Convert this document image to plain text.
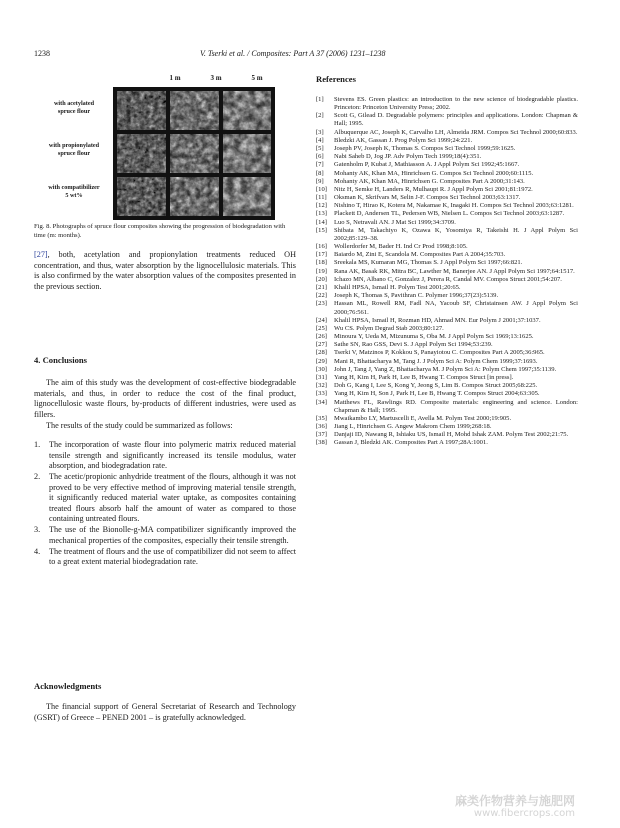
1238	V. Tserki et al. / Composites: Part A 37 (2006) 1231–1238
1 m	3 m	5 m
with acetylated
spruce flour
with propionylated
spruce flour
with compatibilizer
5 wt%
Fig. 8. Photographs of spruce flour composites showing the progression of biodegradation with time (m: months).

[27], both, acetylation and propionylation treatments reduced OH concentration, and thus, water absorption by the lignocellulosic materials. This is also confirmed by the water absorption values of the composites presented in the previous section.

4. Conclusions

The aim of this study was the development of cost-effective biodegradable materials, and thus, in order to reduce the cost of the final product, lignocellulosic waste flours, by-products of different industries, were used as fillers.

The results of the study could be summarized as follows:

1. The incorporation of waste flour into polymeric matrix reduced material tensile strength and significantly increased its tensile modulus, water absorption, and biodegradation rate.
2. The acetic/propionic anhydride treatment of the flours, although it was not proved to be very effective method of improving material tensile strength, it significantly reduced material water uptake, as composites containing treated flours absorb half the amount of water as compared to those containing untreated flours.
3. The use of the Bionolle-g-MA compatibilizer significantly improved the mechanical properties of the composites, especially their tensile strength.
4. The treatment of flours and the use of compatibilizer did not seem to affect to a great extent material biodegradation rate.
Acknowledgments

The financial support of General Secretariat of Research and Technology (GSRT) of Greece – PENED 2001 – is gratefully acknowledged.

References
[1] Stevens ES. Green plastics: an introduction to the new science of biodegradable plastics. Princeton: Princeton University Press; 2002.
[2] Scott G, Gilead D. Degradable polymers: principles and applications. London: Chapman & Hall; 1995.
[3] Albuquerque AC, Joseph K, Carvalho LH, Almeida JRM. Compos Sci Technol 2000;60:833.
[4] Bledzki AK, Gassan J. Prog Polym Sci 1999;24:221.
[5] Joseph PV, Joseph K, Thomas S. Compos Sci Technol 1999;59:1625.
[6] Nabi Saheb D, Jog JP. Adv Polym Tech 1999;18(4):351.
[7] Gatenholm P, Kubat J, Mathiasson A. J Appl Polym Sci 1992;45:1667.
[8] Mohanty AK, Khan MA, Hinrichsen G. Compos Sci Technol 2000;60:1115.
[9] Mohanty AK, Khan MA, Hinrichsen G. Composites Part A 2000;31:143.
[10] Nitz H, Semke H, Landers R, Mulhaupt R. J Appl Polym Sci 2001;81:1972.
[11] Oksman K, Skrifvars M, Selin J-F. Compos Sci Technol 2003;63:1317.
[12] Nishino T, Hirao K, Kotera M, Nakamae K, Inagaki H. Compos Sci Technol 2003;63:1281.
[13] Plackett D, Andersen TL, Pedersen WB, Nielsen L. Compos Sci Technol 2003;63:1287.
[14] Luo S, Netravali AN. J Mat Sci 1999;34:3709.
[15] Shibata M, Takachiyo K, Ozawa K, Yosomiya R, Takeishi H. J Appl Polym Sci 2002;85:129–38.
[16] Wollerdorfer M, Bader H. Ind Cr Prod 1998;8:105.
[17] Baiardo M, Zini E, Scandola M. Composites Part A 2004;35:703.
[18] Sreekala MS, Kumaran MG, Thomas S. J Appl Polym Sci 1997;66:821.
[19] Rana AK, Basak RK, Mitra BC, Lawther M, Banerjee AN. J Appl Polym Sci 1997;64:1517.
[20] Ichazo MN, Albano C, Gonzalez J, Perera R, Candal MV. Compos Struct 2001;54:207.
[21] Khalil HPSA, Ismail H. Polym Test 2001;20:65.
[22] Joseph K, Thomas S, Pavithran C. Polymer 1996;37(23):5139.
[23] Hassan ML, Rowell RM, Fadl NA, Yacoub SF, Christainsen AW. J Appl Polym Sci 2000;76:561.
[24] Khalil HPSA, Ismail H, Rozman HD, Ahmad MN. Eur Polym J 2001;37:1037.
[25] Wu CS. Polym Degrad Stab 2003;80:127.
[26] Minoura Y, Ueda M, Mizunuma S, Oba M. J Appl Polym Sci 1969;13:1625.
[27] Sathe SN, Rao GSS, Devi S. J Appl Polym Sci 1994;53:239.
[28] Tserki V, Matzinos P, Kokkou S, Panayiotou C. Composites Part A 2005;36:965.
[29] Mani R, Bhattacharya M, Tang J. J Polym Sci A: Polym Chem 1999;37:1693.
[30] John J, Tang J, Yang Z, Bhattacharya M. J Polym Sci A: Polym Chem 1997;35:1139.
[31] Yang H, Kim H, Park H, Lee B, Hwang T. Compos Struct [in press].
[32] Doh G, Kang I, Lee S, Kong Y, Jeong S, Lim B. Compos Struct 2005;68:225.
[33] Yang H, Kim H, Son J, Park H, Lee B, Hwang T. Compos Struct 2004;63:305.
[34] Matthews FL, Rawlings RD. Composite materials: engineering and science. London: Chapman & Hall; 1995.
[35] Mwaikambo LY, Martuscelli E, Avella M. Polym Test 2000;19:905.
[36] Jiang L, Hinrichsen G. Angew Makrom Chem 1999;268:18.
[37] Danjaji ID, Nawang R, Ishiaku US, Ismail H, Mohd Ishak ZAM. Polym Test 2002;21:75.
[38] Gassan J, Bledzki AK. Composites Part A 1997;28A:1001.
麻类作物营养与施肥网
www.fibercrops.com
